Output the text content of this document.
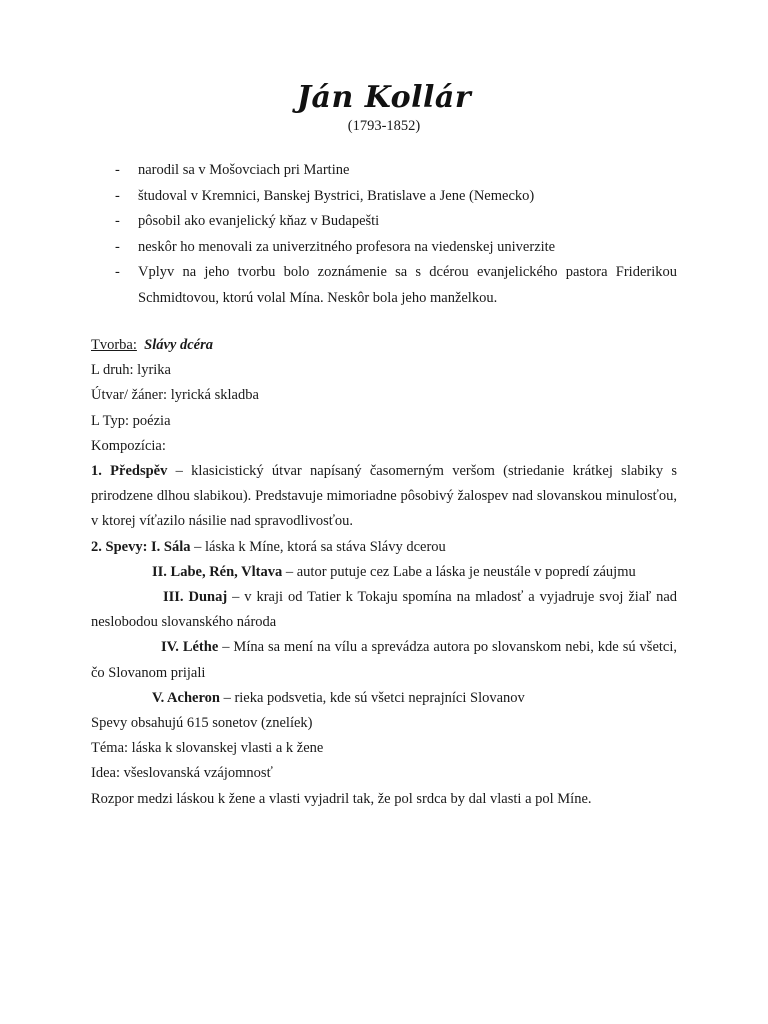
Ján Kollár
(1793-1852)
- narodil sa v Mošovciach pri Martine
- študoval v Kremnici, Banskej Bystrici, Bratislave a Jene (Nemecko)
- pôsobil ako evanjelický kňaz v Budapešti
- neskôr ho menovali za univerzitného profesora na viedenskej univerzite
- Vplyv na jeho tvorbu bolo zoznámenie sa s dcérou evanjelického pastora Friderikou Schmidtovou, ktorú volal Mína. Neskôr bola jeho manželkou.
Tvorba: Slávy dcéra
L druh: lyrika
Útvar/ žáner: lyrická skladba
L Typ: poézia
Kompozícia:
1. Předspěv – klasicistický útvar napísaný časomerným veršom (striedanie krátkej slabiky s prirodzene dlhou slabikou). Predstavuje mimoriadne pôsobivý žalospev nad slovanskou minulosťou, v ktorej víťazilo násilie nad spravodlivosťou.
2. Spevy: I. Sála – láska k Míne, ktorá sa stáva Slávy dcerou
II. Labe, Rén, Vltava – autor putuje cez Labe a láska je neustále v popredí záujmu
III. Dunaj – v kraji od Tatier k Tokaju spomína na mladosť a vyjadruje svoj žiaľ nad neslobodou slovanského národa
IV. Léthe – Mína sa mení na vílu a sprevádza autora po slovanskom nebi, kde sú všetci, čo Slovanom prijali
V. Acheron – rieka podsvetia, kde sú všetci neprajníci Slovanov
Spevy obsahujú 615 sonetov (znelíek)
Téma: láska k slovanskej vlasti a k žene
Idea: všeslovanská vzájomnosť
Rozpor medzi láskou k žene a vlasti vyjadril tak, že pol srdca by dal vlasti a pol Míne.
